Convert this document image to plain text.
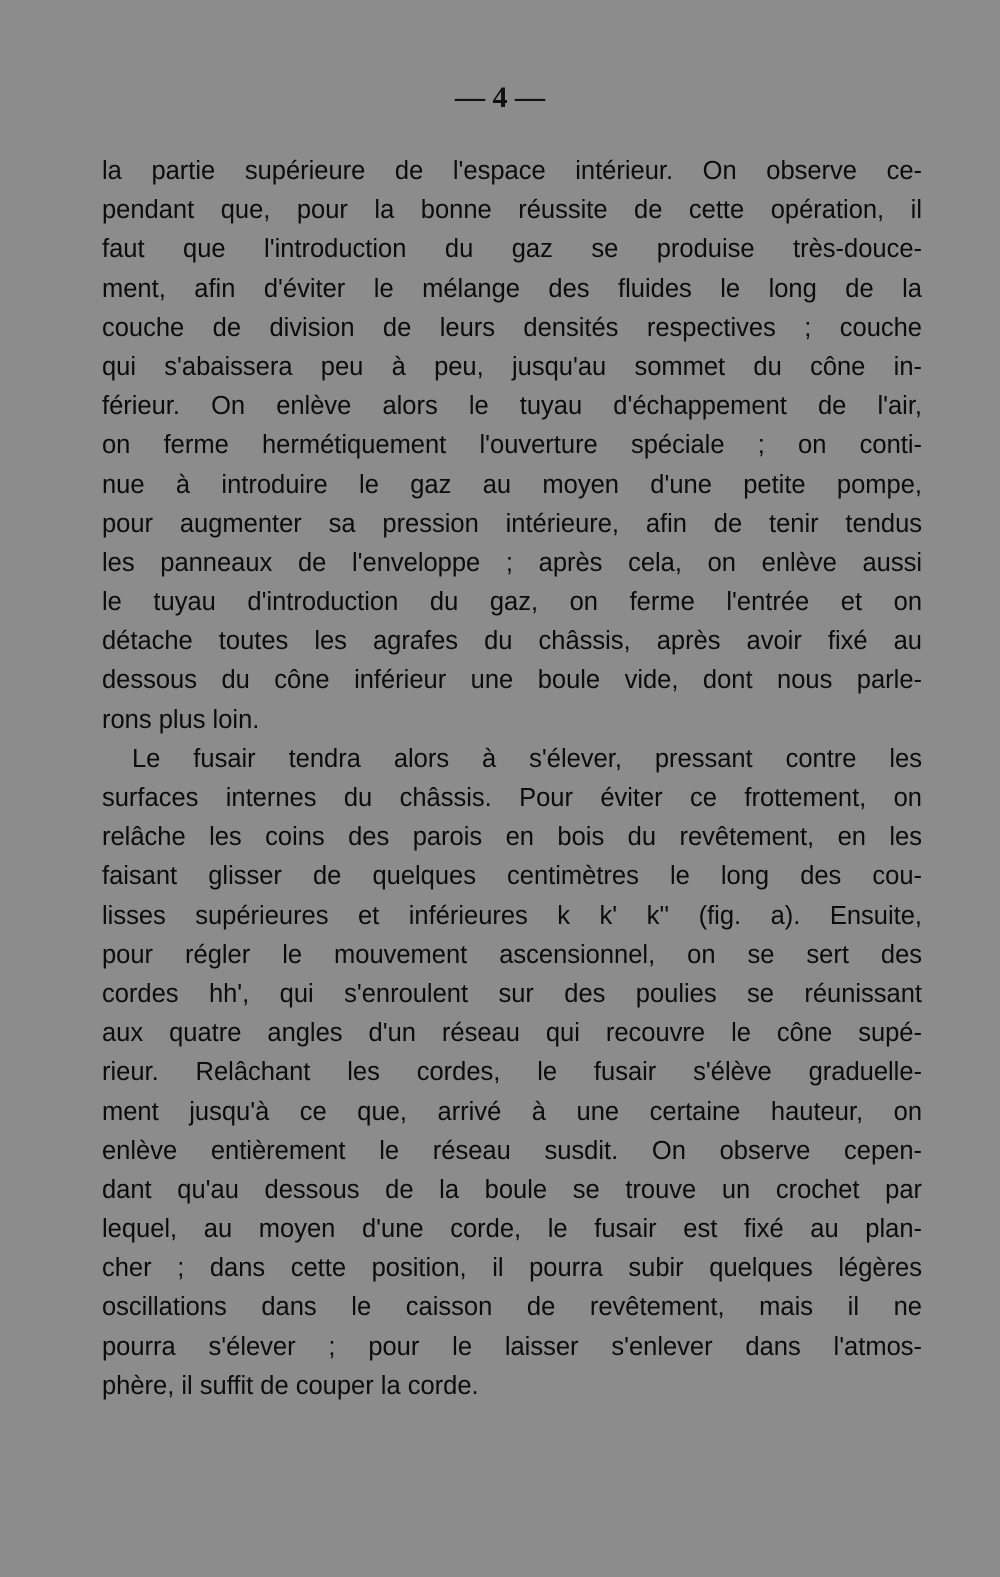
— 4 —
la partie supérieure de l'espace intérieur. On observe ce-
pendant que, pour la bonne réussite de cette opération, il
faut que l'introduction du gaz se produise très-douce-
ment, afin d'éviter le mélange des fluides le long de la
couche de division de leurs densités respectives ; couche
qui s'abaissera peu à peu, jusqu'au sommet du cône in-
férieur. On enlève alors le tuyau d'échappement de l'air,
on ferme hermétiquement l'ouverture spéciale ; on conti-
nue à introduire le gaz au moyen d'une petite pompe,
pour augmenter sa pression intérieure, afin de tenir tendus
les panneaux de l'enveloppe ; après cela, on enlève aussi
le tuyau d'introduction du gaz, on ferme l'entrée et on
détache toutes les agrafes du châssis, après avoir fixé au
dessous du cône inférieur une boule vide, dont nous parle-
rons plus loin.
Le fusair tendra alors à s'élever, pressant contre les
surfaces internes du châssis. Pour éviter ce frottement, on
relâche les coins des parois en bois du revêtement, en les
faisant glisser de quelques centimètres le long des cou-
lisses supérieures et inférieures k k' k'' (fig. a). Ensuite,
pour régler le mouvement ascensionnel, on se sert des
cordes hh', qui s'enroulent sur des poulies se réunissant
aux quatre angles d'un réseau qui recouvre le cône supé-
rieur. Relâchant les cordes, le fusair s'élève graduelle-
ment jusqu'à ce que, arrivé à une certaine hauteur, on
enlève entièrement le réseau susdit. On observe cepen-
dant qu'au dessous de la boule se trouve un crochet par
lequel, au moyen d'une corde, le fusair est fixé au plan-
cher ; dans cette position, il pourra subir quelques légères
oscillations dans le caisson de revêtement, mais il ne
pourra s'élever ; pour le laisser s'enlever dans l'atmos-
phère, il suffit de couper la corde.
